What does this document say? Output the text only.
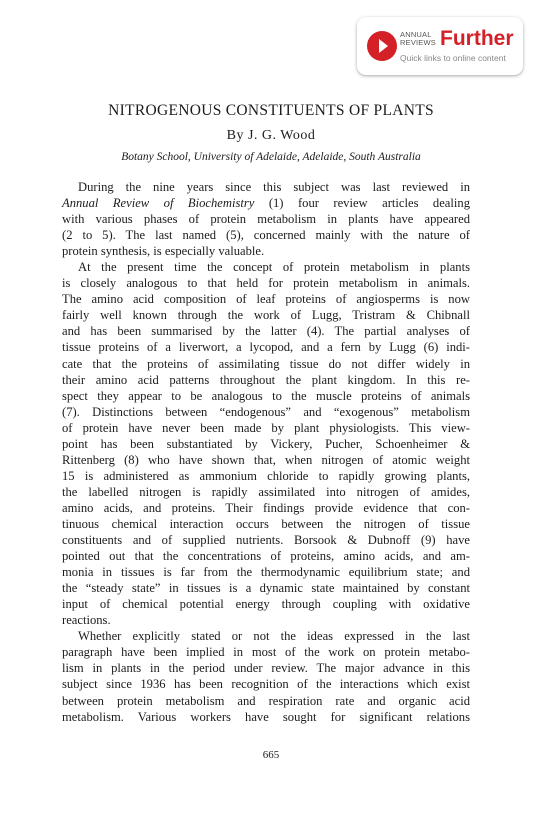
ANNUAL
REVIEWS Further
Quick links to online content
NITROGENOUS CONSTITUENTS OF PLANTS
By J. G. Wood
Botany School, University of Adelaide, Adelaide, South Australia
During the nine years since this subject was last reviewed in
Annual Review of Biochemistry (1) four review articles dealing
with various phases of protein metabolism in plants have appeared
(2 to 5). The last named (5), concerned mainly with the nature of
protein synthesis, is especially valuable.
At the present time the concept of protein metabolism in plants
is closely analogous to that held for protein metabolism in animals.
The amino acid composition of leaf proteins of angiosperms is now
fairly well known through the work of Lugg, Tristram & Chibnall
and has been summarised by the latter (4). The partial analyses of
tissue proteins of a liverwort, a lycopod, and a fern by Lugg (6) indi-
cate that the proteins of assimilating tissue do not differ widely in
their amino acid patterns throughout the plant kingdom. In this re-
spect they appear to be analogous to the muscle proteins of animals
(7). Distinctions between “endogenous” and “exogenous” metabolism
of protein have never been made by plant physiologists. This view-
point has been substantiated by Vickery, Pucher, Schoenheimer &
Rittenberg (8) who have shown that, when nitrogen of atomic weight
15 is administered as ammonium chloride to rapidly growing plants,
the labelled nitrogen is rapidly assimilated into nitrogen of amides,
amino acids, and proteins. Their findings provide evidence that con-
tinuous chemical interaction occurs between the nitrogen of tissue
constituents and of supplied nutrients. Borsook & Dubnoff (9) have
pointed out that the concentrations of proteins, amino acids, and am-
monia in tissues is far from the thermodynamic equilibrium state; and
the “steady state” in tissues is a dynamic state maintained by constant
input of chemical potential energy through coupling with oxidative
reactions.
Whether explicitly stated or not the ideas expressed in the last
paragraph have been implied in most of the work on protein metabo-
lism in plants in the period under review. The major advance in this
subject since 1936 has been recognition of the interactions which exist
between protein metabolism and respiration rate and organic acid
metabolism. Various workers have sought for significant relations
665
